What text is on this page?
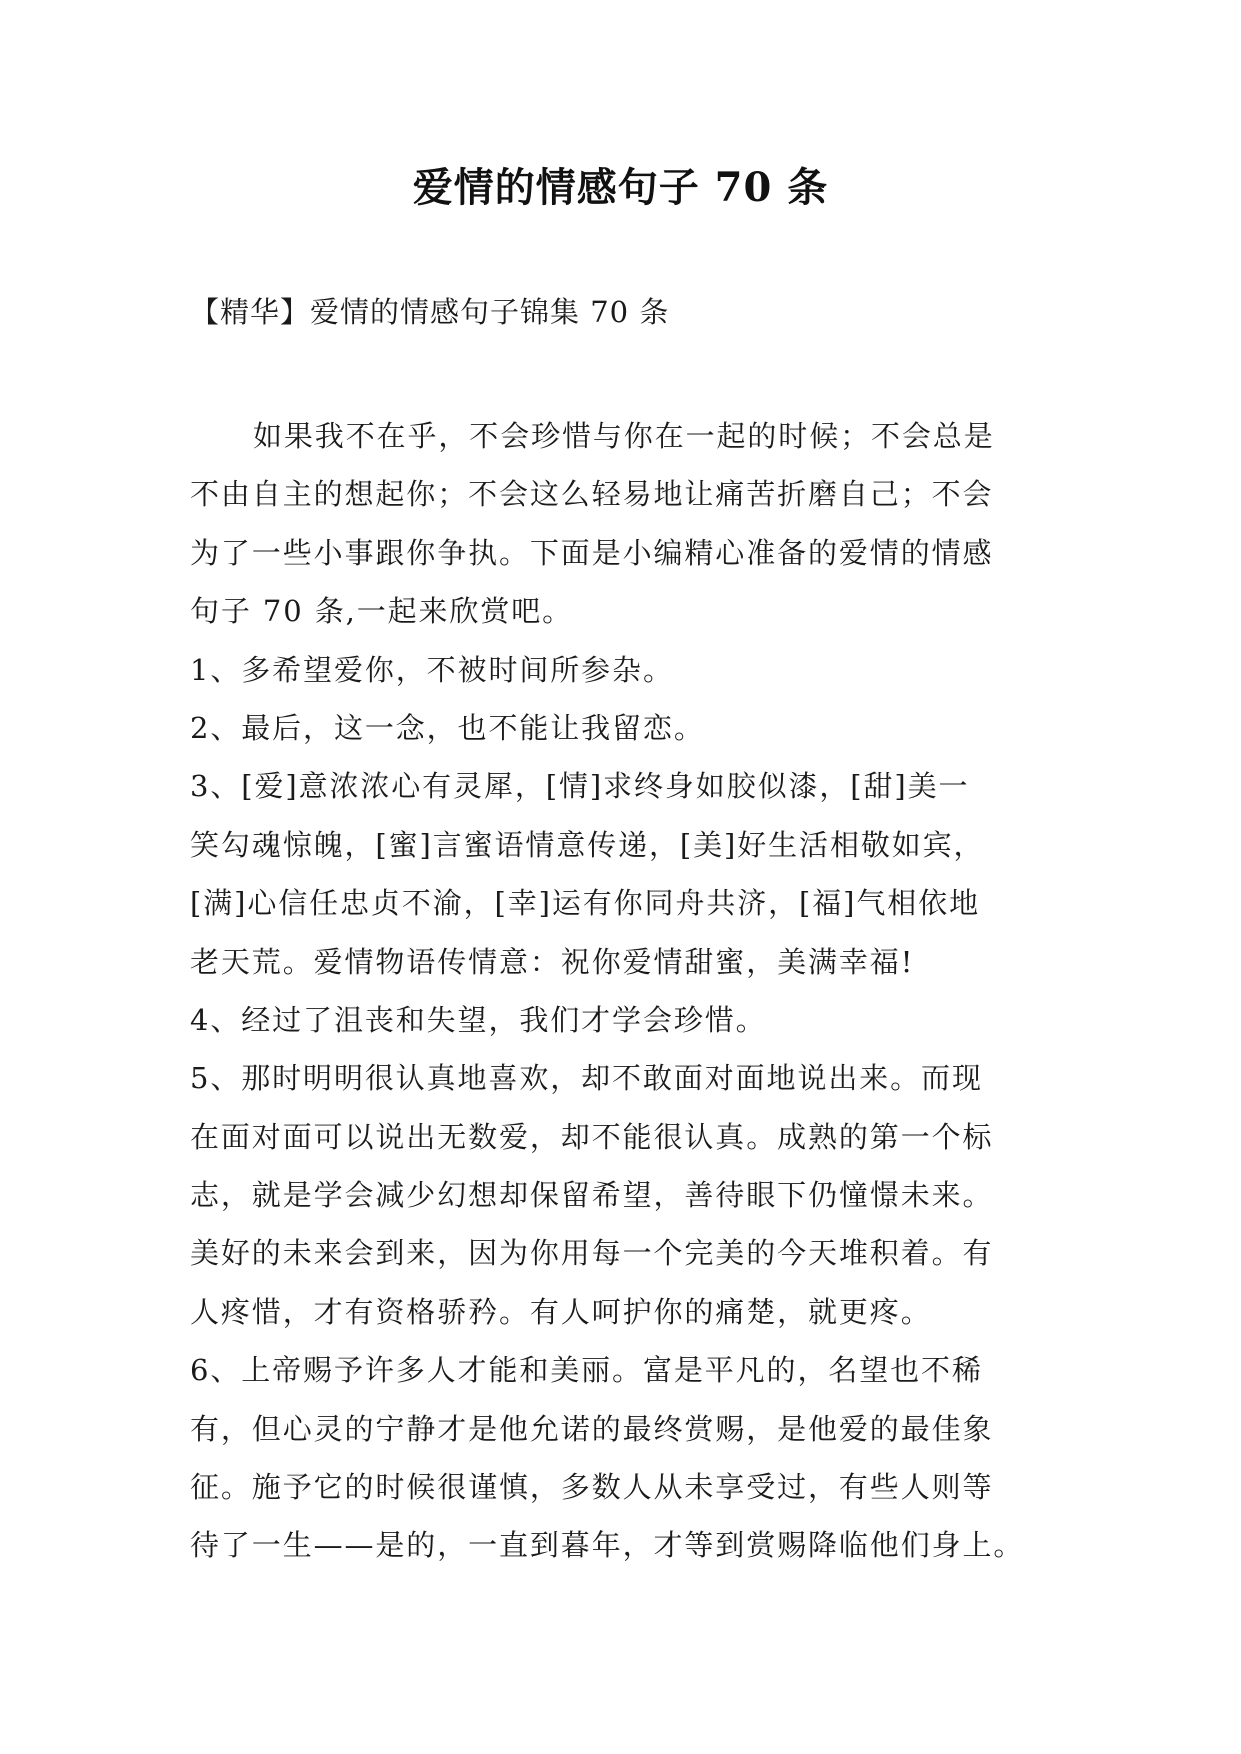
爱情的情感句子 70 条
【精华】爱情的情感句子锦集 70 条
如果我不在乎，不会珍惜与你在一起的时候；不会总是
不由自主的想起你；不会这么轻易地让痛苦折磨自己；不会
为了一些小事跟你争执。下面是小编精心准备的爱情的情感
句子 70 条,一起来欣赏吧。
1、多希望爱你，不被时间所参杂。
2、最后，这一念，也不能让我留恋。
3、[爱]意浓浓心有灵犀，[情]求终身如胶似漆，[甜]美一
笑勾魂惊魄，[蜜]言蜜语情意传递，[美]好生活相敬如宾，
[满]心信任忠贞不渝，[幸]运有你同舟共济，[福]气相依地
老天荒。爱情物语传情意：祝你爱情甜蜜，美满幸福!
4、经过了沮丧和失望，我们才学会珍惜。
5、那时明明很认真地喜欢，却不敢面对面地说出来。而现
在面对面可以说出无数爱，却不能很认真。成熟的第一个标
志，就是学会减少幻想却保留希望，善待眼下仍憧憬未来。
美好的未来会到来，因为你用每一个完美的今天堆积着。有
人疼惜，才有资格骄矜。有人呵护你的痛楚，就更疼。
6、上帝赐予许多人才能和美丽。富是平凡的，名望也不稀
有，但心灵的宁静才是他允诺的最终赏赐，是他爱的最佳象
征。施予它的时候很谨慎，多数人从未享受过，有些人则等
待了一生——是的，一直到暮年，才等到赏赐降临他们身上。
